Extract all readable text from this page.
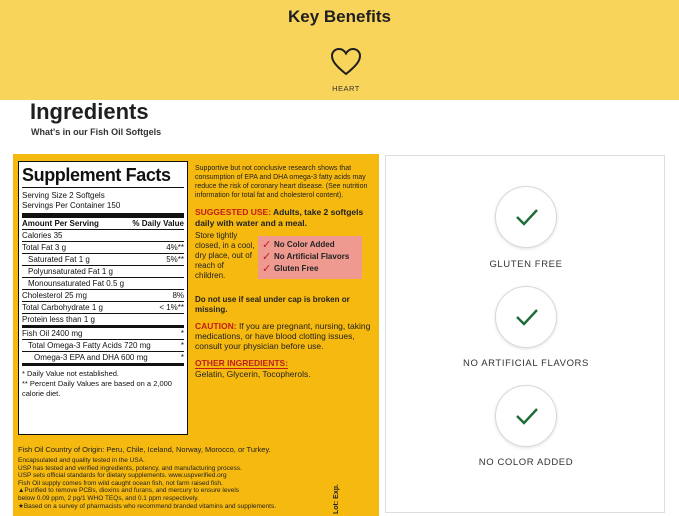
Key Benefits
HEART
Ingredients
What's in our Fish Oil Softgels
Supplement Facts
Serving Size 2 Softgels
Servings Per Container 150
Amount Per Serving	% Daily Value
Calories 35
Total Fat 3 g	4%**
Saturated Fat 1 g	5%**
Polyunsaturated Fat 1 g
Monounsaturated Fat 0.5 g
Cholesterol 25 mg	8%
Total Carbohydrate 1 g	< 1%**
Protein less than 1 g
Fish Oil 2400 mg	*
Total Omega-3 Fatty Acids 720 mg	*
Omega-3 EPA and DHA 600 mg	*
* Daily Value not established.
** Percent Daily Values are based on a 2,000 calorie diet.
Supportive but not conclusive research shows that consumption of EPA and DHA omega-3 fatty acids may reduce the risk of coronary heart disease. (See nutrition information for total fat and cholesterol content).
SUGGESTED USE: Adults, take 2 softgels daily with water and a meal.
Store tightly closed, in a cool, dry place, out of reach of children.
✓ No Color Added
✓ No Artificial Flavors
✓ Gluten Free
Do not use if seal under cap is broken or missing.
CAUTION: If you are pregnant, nursing, taking medications, or have blood clotting issues, consult your physician before use.
OTHER INGREDIENTS:
Gelatin, Glycerin, Tocopherols.
Fish Oil Country of Origin: Peru, Chile, Iceland, Norway, Morocco, or Turkey.
Encapsulated and quality tested in the USA.
USP has tested and verified ingredients, potency, and manufacturing process.
USP sets official standards for dietary supplements. www.uspverified.org
Fish Oil supply comes from wild caught ocean fish, not farm raised fish.
▲Purified to remove PCBs, dioxins and furans, and mercury to ensure levels
below 0.09 ppm, 2 pg/1 WHO TEQs, and 0.1 ppm respectively.
★Based on a survey of pharmacists who recommend branded vitamins and supplements.	Lot: Exp.
GLUTEN FREE
NO ARTIFICIAL FLAVORS
NO COLOR ADDED
